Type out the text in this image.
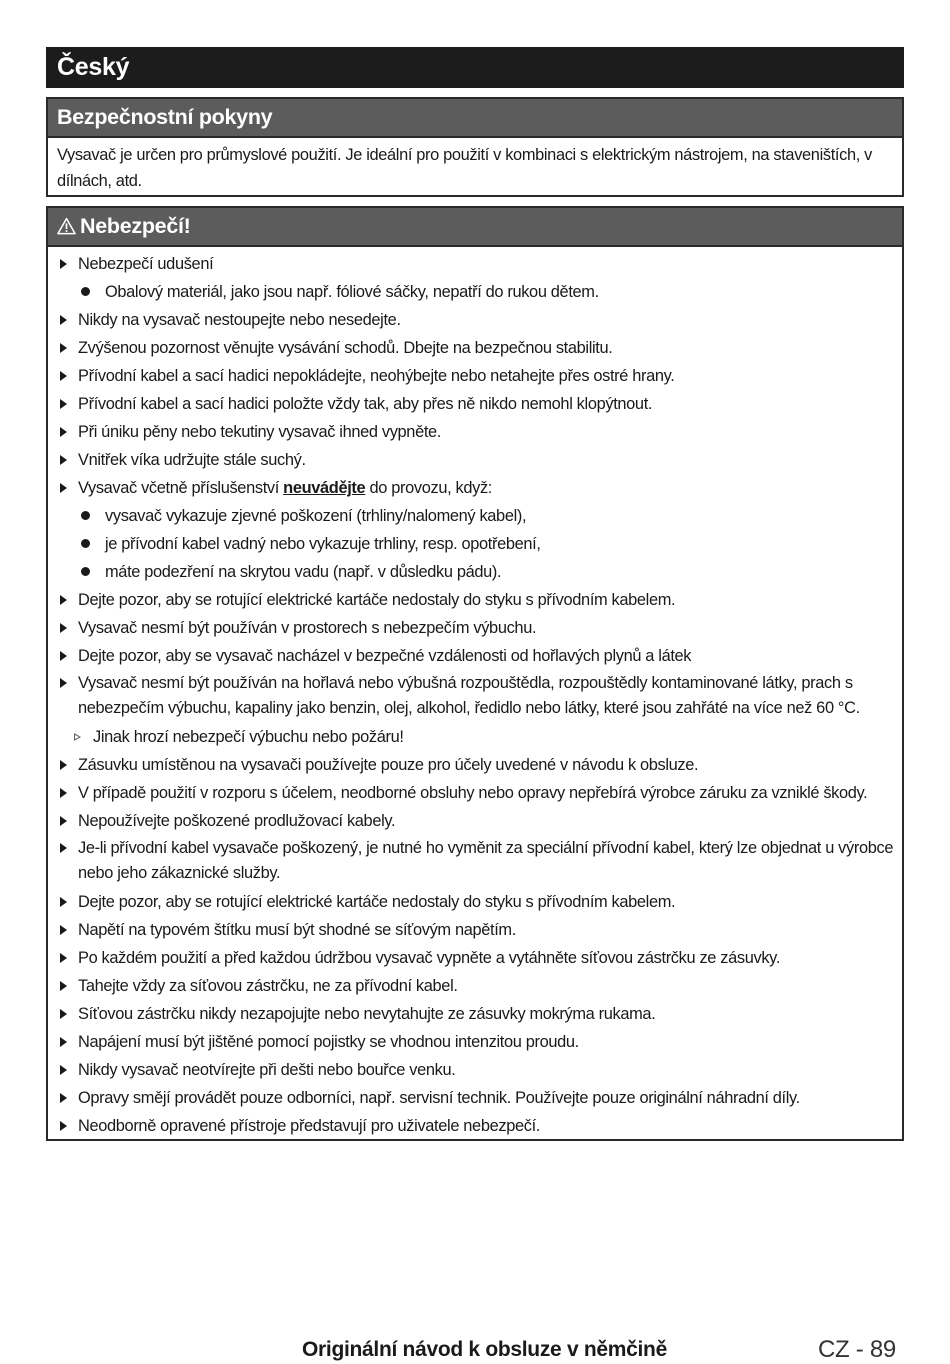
Český
Bezpečnostní pokyny
Vysavač je určen pro průmyslové použití. Je ideální pro použití v kombinaci s elektrickým nástrojem, na staveništích, v dílnách, atd.
Nebezpečí!
Nebezpečí udušení
Obalový materiál, jako jsou např. fóliové sáčky, nepatří do rukou dětem.
Nikdy na vysavač nestoupejte nebo nesedejte.
Zvýšenou pozornost věnujte vysávání schodů. Dbejte na bezpečnou stabilitu.
Přívodní kabel a sací hadici nepokládejte, neohýbejte nebo netahejte přes ostré hrany.
Přívodní kabel a sací hadici položte vždy tak, aby přes ně nikdo nemohl klopýtnout.
Při úniku pěny nebo tekutiny vysavač ihned vypněte.
Vnitřek víka udržujte stále suchý.
Vysavač včetně příslušenství neuvádějte do provozu, když:
vysavač vykazuje zjevné poškození (trhliny/nalomený kabel),
je přívodní kabel vadný nebo vykazuje trhliny, resp. opotřebení,
máte podezření na skrytou vadu (např. v důsledku pádu).
Dejte pozor, aby se rotující elektrické kartáče nedostaly do styku s přívodním kabelem.
Vysavač nesmí být používán v prostorech s nebezpečím výbuchu.
Dejte pozor, aby se vysavač nacházel v bezpečné vzdálenosti od hořlavých plynů a látek
Vysavač nesmí být používán na hořlavá nebo výbušná rozpouštědla, rozpouštědly kontaminované látky, prach s nebezpečím výbuchu, kapaliny jako benzin, olej, alkohol, ředidlo nebo látky, které jsou zahřáté na více než 60 °C.
Jinak hrozí nebezpečí výbuchu nebo požáru!
Zásuvku umístěnou na vysavači používejte pouze pro účely uvedené v návodu k obsluze.
V případě použití v rozporu s účelem, neodborné obsluhy nebo opravy nepřebírá výrobce záruku za vzniklé škody.
Nepoužívejte poškozené prodlužovací kabely.
Je-li přívodní kabel vysavače poškozený, je nutné ho vyměnit za speciální přívodní kabel, který lze objednat u výrobce nebo jeho zákaznické služby.
Dejte pozor, aby se rotující elektrické kartáče nedostaly do styku s přívodním kabelem.
Napětí na typovém štítku musí být shodné se síťovým napětím.
Po každém použití a před každou údržbou vysavač vypněte a vytáhněte síťovou zástrčku ze zásuvky.
Tahejte vždy za síťovou zástrčku, ne za přívodní kabel.
Síťovou zástrčku nikdy nezapojujte nebo nevytahujte ze zásuvky mokrýma rukama.
Napájení musí být jištěné pomocí pojistky se vhodnou intenzitou proudu.
Nikdy vysavač neotvírejte při dešti nebo bouřce venku.
Opravy smějí provádět pouze odborníci, např. servisní technik. Používejte pouze originální náhradní díly.
Neodborně opravené přístroje představují pro uživatele nebezpečí.
Originální návod k obsluze v němčině	CZ - 89
